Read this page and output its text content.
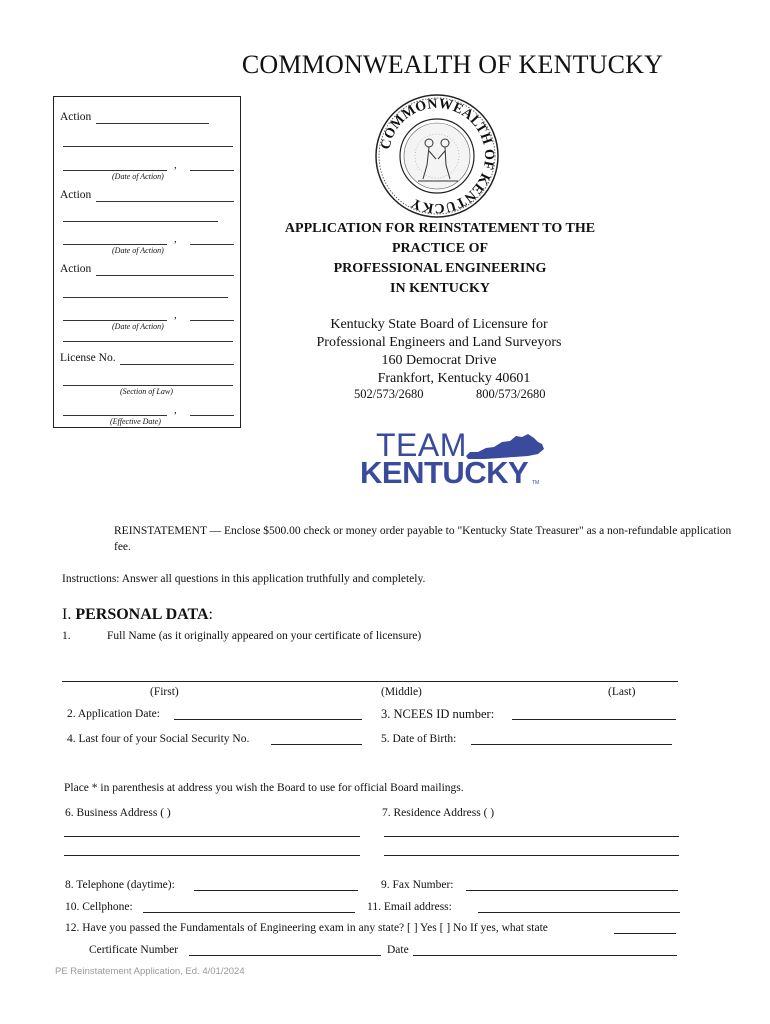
COMMONWEALTH OF KENTUCKY
Action
,
(Date of Action)
Action
,
(Date of Action)
Action
,
(Date of Action)
License No.
(Section of Law)
,
(Effective Date)
COMMONWEALTH OF KENTUCKY
APPLICATION FOR REINSTATEMENT TO THE
PRACTICE OF
PROFESSIONAL ENGINEERING
IN KENTUCKY
Kentucky State Board of Licensure for
Professional Engineers and Land Surveyors
160 Democrat Drive
Frankfort, Kentucky 40601
502/573/2680	800/573/2680
TEAM
KENTUCKY TM
REINSTATEMENT — Enclose $500.00 check or money order payable to "Kentucky State Treasurer" as a non-refundable application fee.
Instructions: Answer all questions in this application truthfully and completely.
I. PERSONAL DATA:
1.	Full Name (as it originally appeared on your certificate of licensure)
(First)	(Middle)	(Last)
2. Application Date:	3. NCEES ID number:
4. Last four of your Social Security No.	5. Date of Birth:
Place * in parenthesis at address you wish the Board to use for official Board mailings.
6. Business Address ( )	7. Residence Address ( )
8. Telephone (daytime):	9. Fax Number:
10. Cellphone:	11. Email address:
12. Have you passed the Fundamentals of Engineering exam in any state? [ ] Yes [ ] No If yes, what state
Certificate Number	Date
PE Reinstatement Application, Ed. 4/01/2024
